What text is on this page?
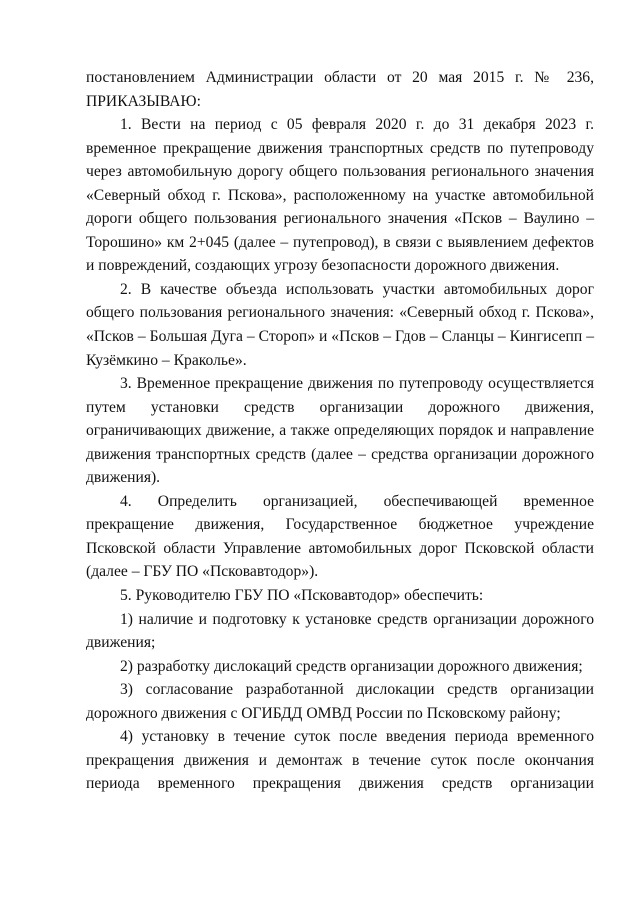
постановлением Администрации области от 20 мая 2015 г. № 236,

ПРИКАЗЫВАЮ:

1. Вести на период с 05 февраля 2020 г. до 31 декабря 2023 г. временное прекращение движения транспортных средств по путепроводу через автомобильную дорогу общего пользования регионального значения «Северный обход г. Пскова», расположенному на участке автомобильной дороги общего пользования регионального значения «Псков – Ваулино – Торошино» км 2+045 (далее – путепровод), в связи с выявлением дефектов и повреждений, создающих угрозу безопасности дорожного движения.

2. В качестве объезда использовать участки автомобильных дорог общего пользования регионального значения: «Северный обход г. Пскова», «Псков – Большая Дуга – Стороп» и «Псков – Гдов – Сланцы – Кингисепп – Кузёмкино – Краколье».

3. Временное прекращение движения по путепроводу осуществляется путем установки средств организации дорожного движения, ограничивающих движение, а также определяющих порядок и направление движения транспортных средств (далее – средства организации дорожного движения).

4. Определить организацией, обеспечивающей временное прекращение движения, Государственное бюджетное учреждение Псковской области Управление автомобильных дорог Псковской области (далее – ГБУ ПО «Псковавтодор»).

5. Руководителю ГБУ ПО «Псковавтодор» обеспечить:

1) наличие и подготовку к установке средств организации дорожного движения;

2) разработку дислокаций средств организации дорожного движения;

3) согласование разработанной дислокации средств организации дорожного движения с ОГИБДД ОМВД России по Псковскому району;

4) установку в течение суток после введения периода временного прекращения движения и демонтаж в течение суток после окончания периода временного прекращения движения средств организации
